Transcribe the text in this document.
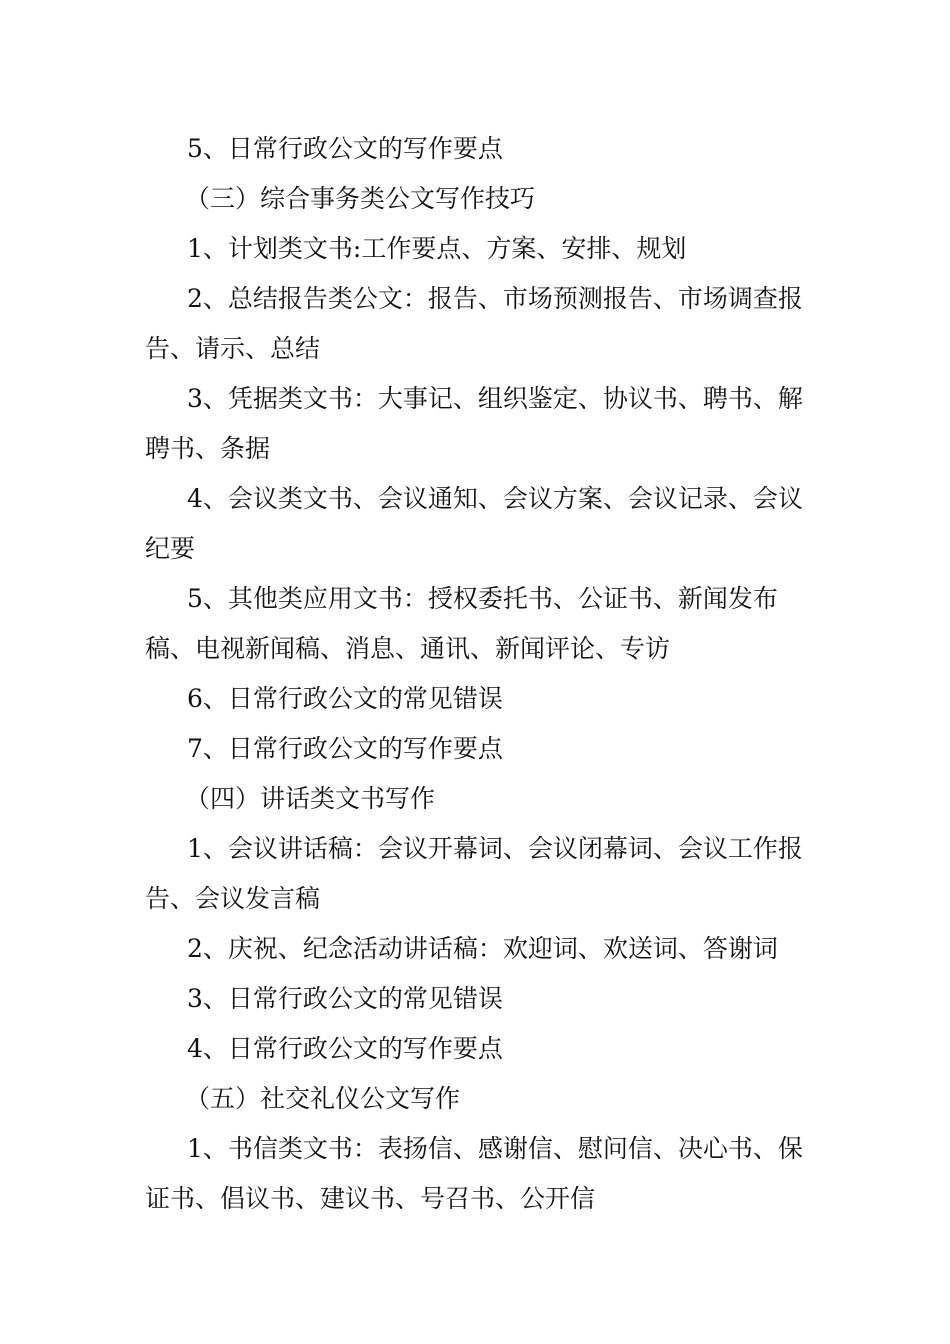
5、日常行政公文的写作要点

（三）综合事务类公文写作技巧

1、计划类文书:工作要点、方案、安排、规划

2、总结报告类公文：报告、市场预测报告、市场调查报告、请示、总结

3、凭据类文书：大事记、组织鉴定、协议书、聘书、解聘书、条据

4、会议类文书、会议通知、会议方案、会议记录、会议纪要

5、其他类应用文书：授权委托书、公证书、新闻发布稿、电视新闻稿、消息、通讯、新闻评论、专访

6、日常行政公文的常见错误

7、日常行政公文的写作要点

（四）讲话类文书写作

1、会议讲话稿：会议开幕词、会议闭幕词、会议工作报告、会议发言稿

2、庆祝、纪念活动讲话稿：欢迎词、欢送词、答谢词

3、日常行政公文的常见错误

4、日常行政公文的写作要点

（五）社交礼仪公文写作

1、书信类文书：表扬信、感谢信、慰问信、决心书、保证书、倡议书、建议书、号召书、公开信
